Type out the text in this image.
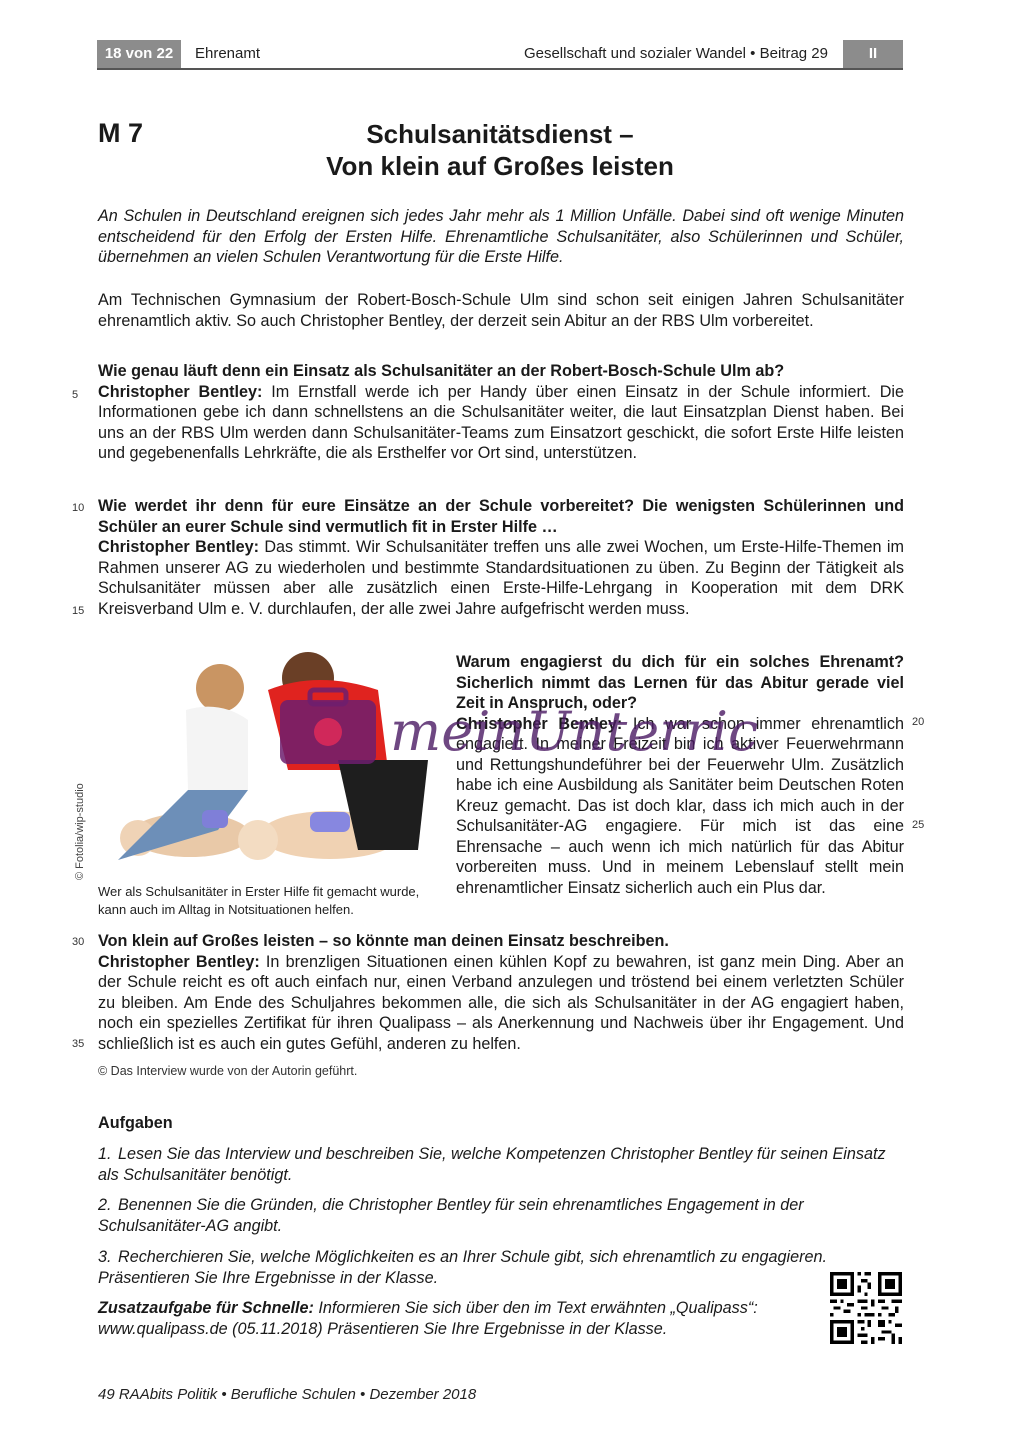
18 von 22	Ehrenamt	Gesellschaft und sozialer Wandel • Beitrag 29	II
M 7	Schulsanitätsdienst –
Von klein auf Großes leisten
An Schulen in Deutschland ereignen sich jedes Jahr mehr als 1 Million Unfälle. Dabei sind oft wenige Minuten entscheidend für den Erfolg der Ersten Hilfe. Ehrenamtliche Schulsanitäter, also Schülerinnen und Schüler, übernehmen an vielen Schulen Verantwortung für die Erste Hilfe.
Am Technischen Gymnasium der Robert-Bosch-Schule Ulm sind schon seit einigen Jahren Schulsanitäter ehrenamtlich aktiv. So auch Christopher Bentley, der derzeit sein Abitur an der RBS Ulm vorbereitet.
Wie genau läuft denn ein Einsatz als Schulsanitäter an der Robert-Bosch-Schule Ulm ab?
Christopher Bentley: Im Ernstfall werde ich per Handy über einen Einsatz in der Schule informiert. Die Informationen gebe ich dann schnellstens an die Schulsanitäter weiter, die laut Einsatzplan Dienst haben. Bei uns an der RBS Ulm werden dann Schulsanitäter-Teams zum Einsatzort geschickt, die sofort Erste Hilfe leisten und gegebenenfalls Lehrkräfte, die als Ersthelfer vor Ort sind, unterstützen.
Wie werdet ihr denn für eure Einsätze an der Schule vorbereitet? Die wenigsten Schülerinnen und Schüler an eurer Schule sind vermutlich fit in Erster Hilfe …
Christopher Bentley: Das stimmt. Wir Schulsanitäter treffen uns alle zwei Wochen, um Erste-Hilfe-Themen im Rahmen unserer AG zu wiederholen und bestimmte Standardsituationen zu üben. Zu Beginn der Tätigkeit als Schulsanitäter müssen aber alle zusätzlich einen Erste-Hilfe-Lehrgang in Kooperation mit dem DRK Kreisverband Ulm e. V. durchlaufen, der alle zwei Jahre aufgefrischt werden muss.
© Fotolia/wip-studio
Wer als Schulsanitäter in Erster Hilfe fit gemacht wurde, kann auch im Alltag in Notsituationen helfen.
Warum engagierst du dich für ein solches Ehrenamt? Sicherlich nimmt das Lernen für das Abitur gerade viel Zeit in Anspruch, oder?
Christopher Bentley: Ich war schon immer ehrenamtlich engagiert. In meiner Freizeit bin ich aktiver Feuerwehrmann und Rettungshundeführer bei der Feuerwehr Ulm. Zusätzlich habe ich eine Ausbildung als Sanitäter beim Deutschen Roten Kreuz gemacht. Das ist doch klar, dass ich mich auch in der Schulsanitäter-AG engagiere. Für mich ist das eine Ehrensache – auch wenn ich mich natürlich für das Abitur vorbereiten muss. Und in meinem Lebenslauf stellt mein ehrenamtlicher Einsatz sicherlich auch ein Plus dar.
Von klein auf Großes leisten – so könnte man deinen Einsatz beschreiben.
Christopher Bentley: In brenzligen Situationen einen kühlen Kopf zu bewahren, ist ganz mein Ding. Aber an der Schule reicht es oft auch einfach nur, einen Verband anzulegen und tröstend bei einem verletzten Schüler zu bleiben. Am Ende des Schuljahres bekommen alle, die sich als Schulsanitäter in der AG engagiert haben, noch ein spezielles Zertifikat für ihren Qualipass – als Anerkennung und Nachweis über ihr Engagement. Und schließlich ist es auch ein gutes Gefühl, anderen zu helfen.
5
10
15
20
25
30
35
© Das Interview wurde von der Autorin geführt.
Aufgaben
1. Lesen Sie das Interview und beschreiben Sie, welche Kompetenzen Christopher Bentley für seinen Einsatz als Schulsanitäter benötigt.
2. Benennen Sie die Gründen, die Christopher Bentley für sein ehrenamtliches Engagement in der Schulsanitäter-AG angibt.
3. Recherchieren Sie, welche Möglichkeiten es an Ihrer Schule gibt, sich ehrenamtlich zu engagieren. Präsentieren Sie Ihre Ergebnisse in der Klasse.
Zusatzaufgabe für Schnelle: Informieren Sie sich über den im Text erwähnten „Qualipass“: www.qualipass.de (05.11.2018) Präsentieren Sie Ihre Ergebnisse in der Klasse.
49 RAAbits Politik • Berufliche Schulen • Dezember 2018
meinUnterric
